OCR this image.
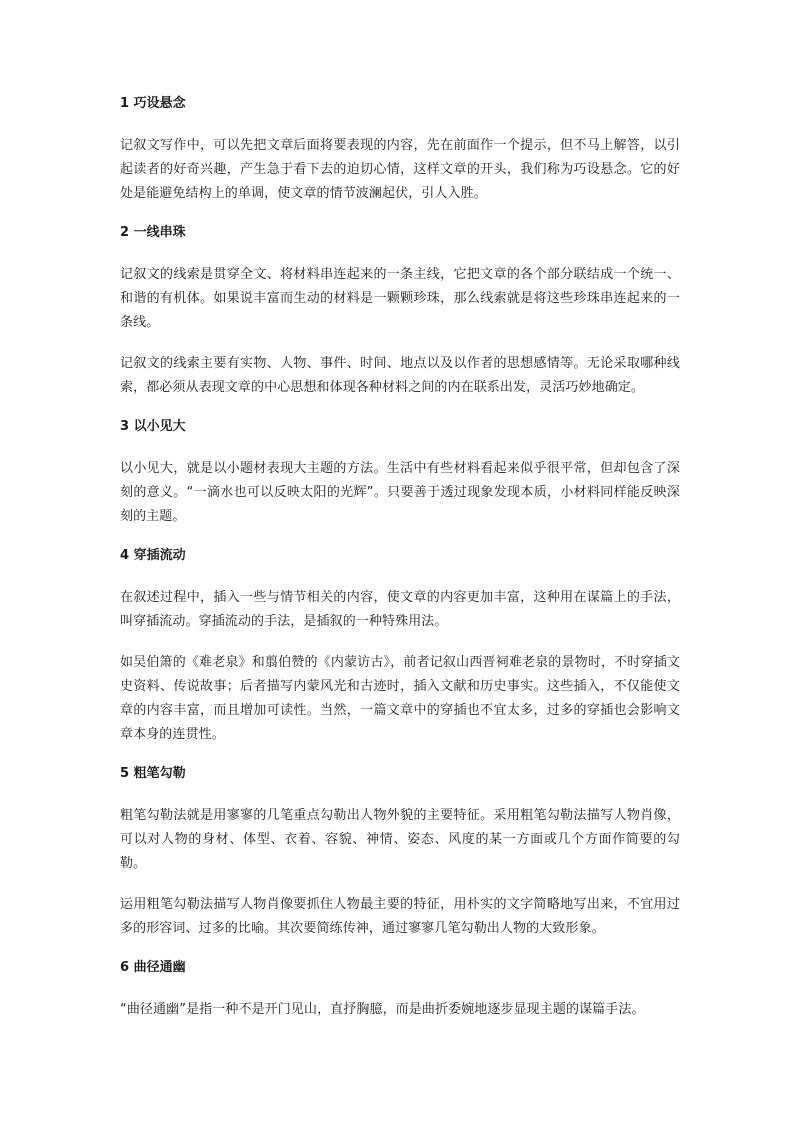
1 巧设悬念
记叙文写作中，可以先把文章后面将要表现的内容，先在前面作一个提示，但不马上解答，以引起读者的好奇兴趣，产生急于看下去的迫切心情，这样文章的开头，我们称为巧设悬念。它的好处是能避免结构上的单调，使文章的情节波澜起伏，引人入胜。
2 一线串珠
记叙文的线索是贯穿全文、将材料串连起来的一条主线，它把文章的各个部分联结成一个统一、和谐的有机体。如果说丰富而生动的材料是一颗颗珍珠，那么线索就是将这些珍珠串连起来的一条线。
记叙文的线索主要有实物、人物、事件、时间、地点以及以作者的思想感情等。无论采取哪种线索，都必须从表现文章的中心思想和体现各种材料之间的内在联系出发，灵活巧妙地确定。
3 以小见大
以小见大，就是以小题材表现大主题的方法。生活中有些材料看起来似乎很平常，但却包含了深刻的意义。“一滴水也可以反映太阳的光辉”。只要善于透过现象发现本质，小材料同样能反映深刻的主题。
4 穿插流动
在叙述过程中，插入一些与情节相关的内容，使文章的内容更加丰富，这种用在谋篇上的手法，叫穿插流动。穿插流动的手法，是插叙的一种特殊用法。
如吴伯箫的《难老泉》和翦伯赞的《内蒙访古》，前者记叙山西晋祠难老泉的景物时，不时穿插文史资料、传说故事；后者描写内蒙风光和古迹时，插入文献和历史事实。这些插入，不仅能使文章的内容丰富，而且增加可读性。当然，一篇文章中的穿插也不宜太多，过多的穿插也会影响文章本身的连贯性。
5 粗笔勾勒
粗笔勾勒法就是用寥寥的几笔重点勾勒出人物外貌的主要特征。采用粗笔勾勒法描写人物肖像，可以对人物的身材、体型、衣着、容貌、神情、姿态、风度的某一方面或几个方面作简要的勾勒。
运用粗笔勾勒法描写人物肖像要抓住人物最主要的特征，用朴实的文字简略地写出来，不宜用过多的形容词、过多的比喻。其次要简练传神，通过寥寥几笔勾勒出人物的大致形象。
6 曲径通幽
“曲径通幽”是指一种不是开门见山，直抒胸臆，而是曲折委婉地逐步显现主题的谋篇手法。
